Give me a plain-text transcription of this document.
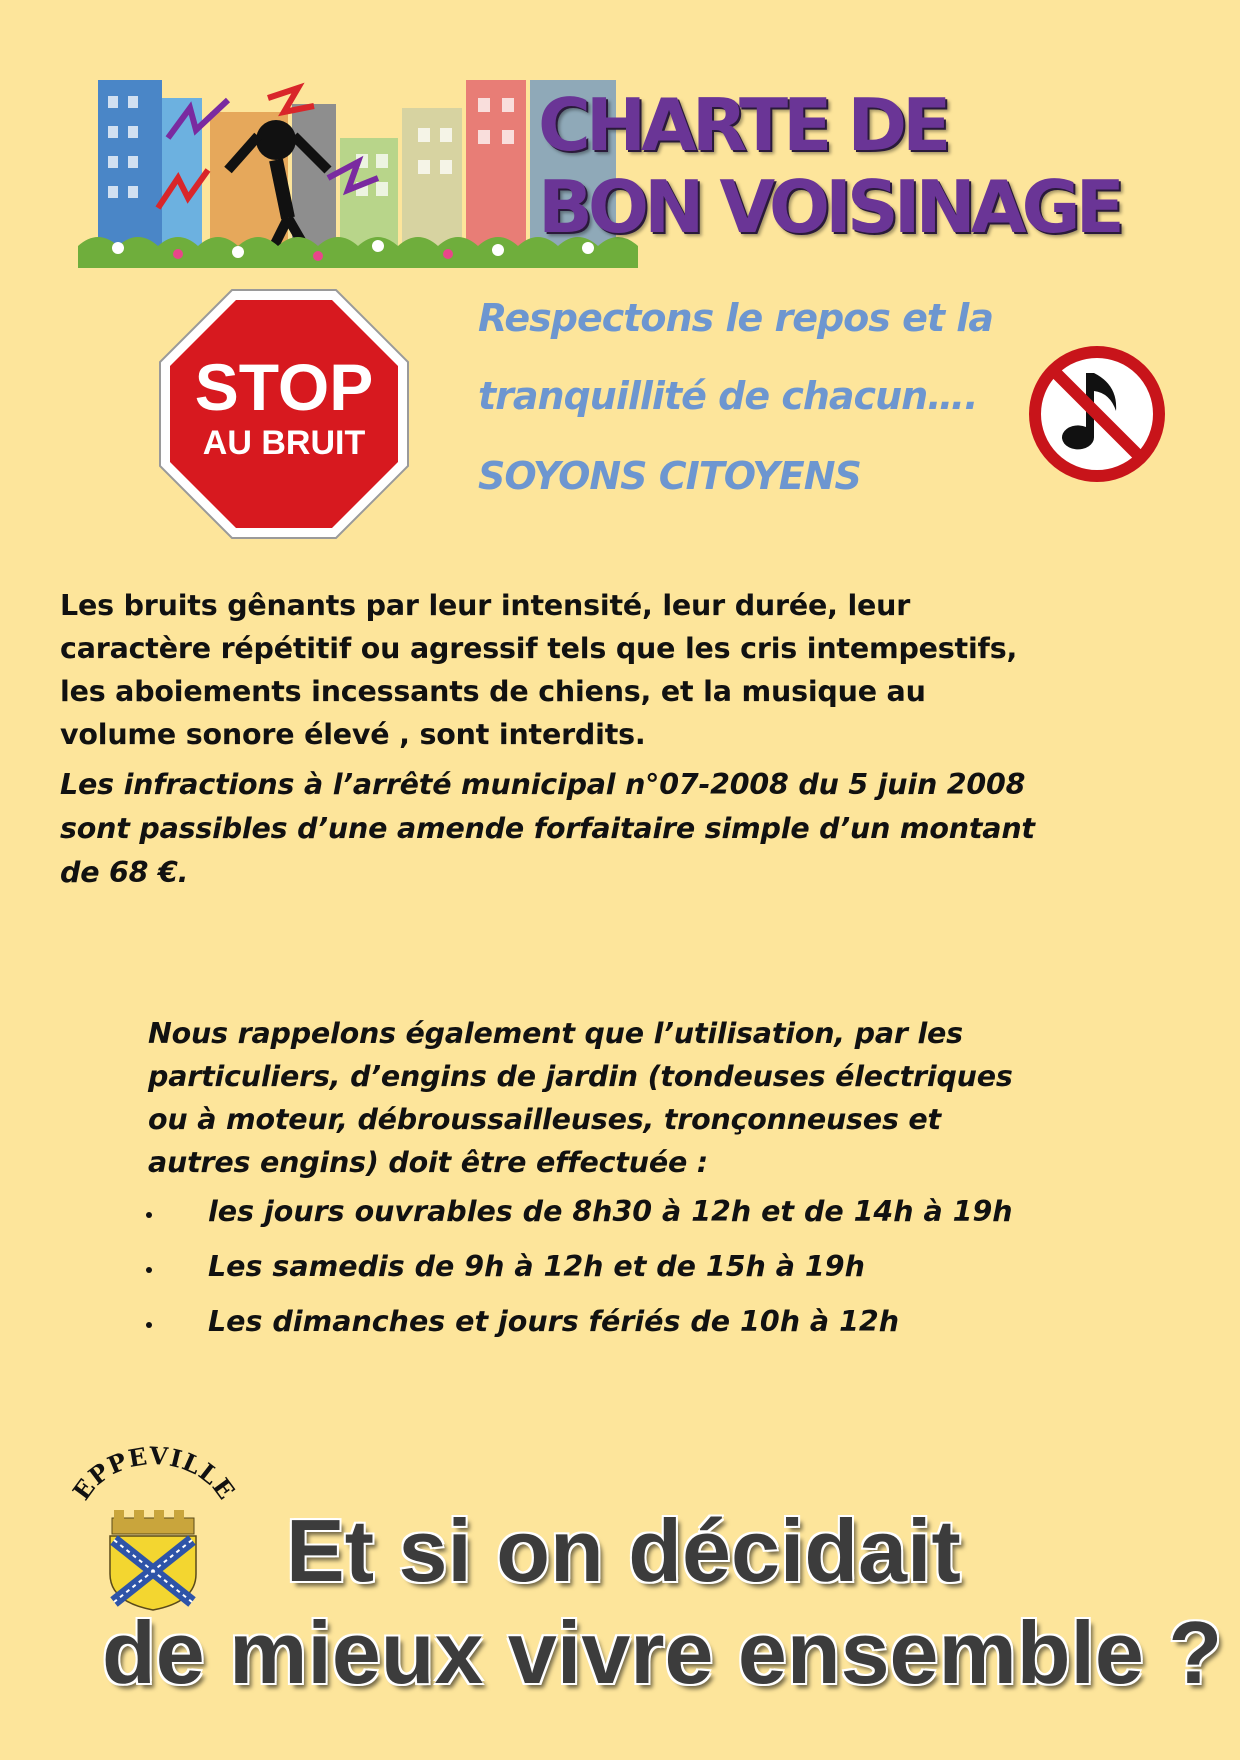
CHARTE DE
BON VOISINAGE
STOP
AU BRUIT
Respectons le repos et la
tranquillité de chacun….
SOYONS CITOYENS
Les bruits gênants par leur intensité, leur durée, leur
caractère répétitif ou agressif tels que les cris intempestifs,
les aboiements incessants de chiens, et la musique au
volume sonore élevé , sont interdits.
Les infractions à l’arrêté municipal n°07-2008 du 5 juin 2008
sont passibles d’une amende forfaitaire simple d’un montant
de 68 €.
Nous rappelons également que l’utilisation, par les
particuliers, d’engins de jardin (tondeuses électriques
ou à moteur, débroussailleuses, tronçonneuses et
autres engins) doit être effectuée :
les jours ouvrables de 8h30 à 12h et de 14h à 19h
Les samedis de 9h à 12h et de 15h à 19h
Les dimanches et jours fériés de 10h à 12h
EPPEVILLE
Et si on décidait
de mieux vivre ensemble ?
